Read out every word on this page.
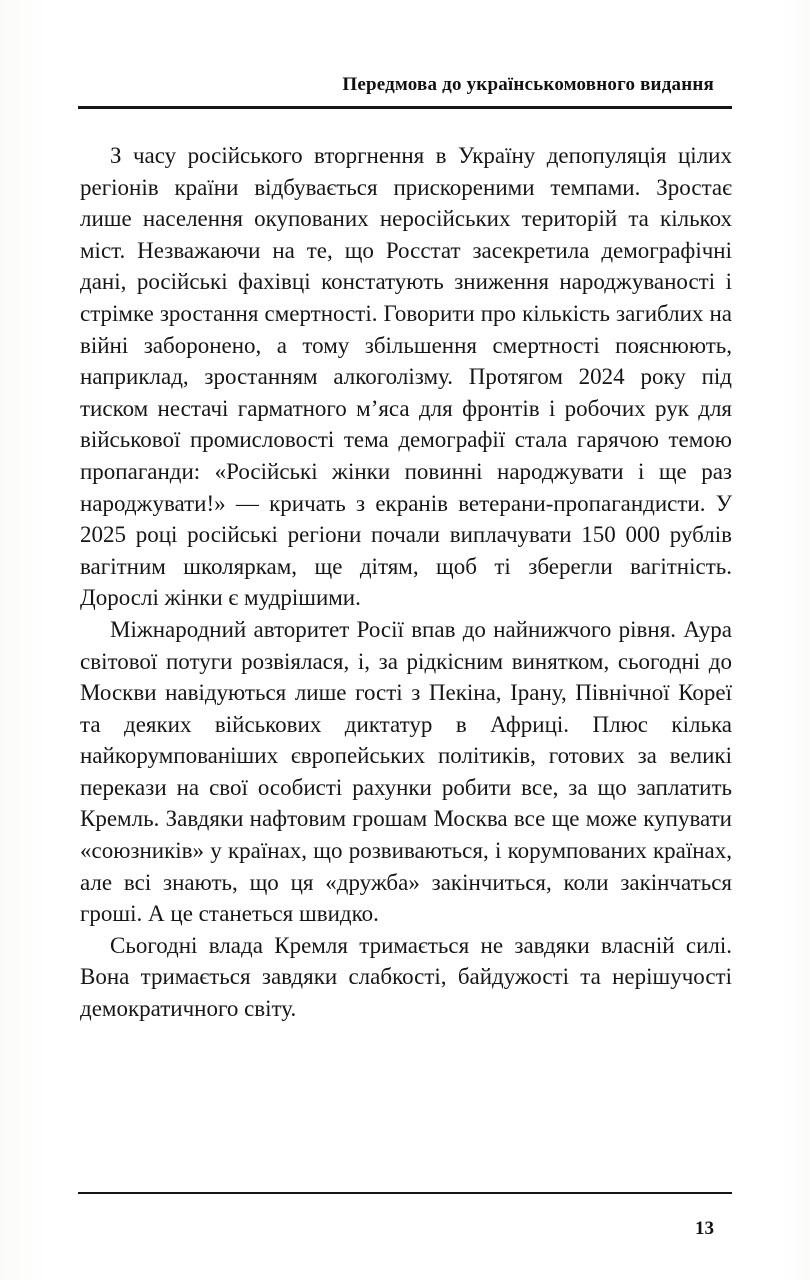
Передмова до українськомовного видання

З часу російського вторгнення в Україну депопуляція цілих регіонів країни відбувається прискореними темпами. Зростає лише населення окупованих неросійських територій та кількох міст. Незважаючи на те, що Росстат засекретила демографічні дані, російські фахівці констатують зниження народжуваності і стрімке зростання смертності. Говорити про кількість загиблих на війні заборонено, а тому збільшення смертності пояснюють, наприклад, зростанням алкоголізму. Протягом 2024 року під тиском нестачі гарматного м’яса для фронтів і робочих рук для військової промисловості тема демографії стала гарячою темою пропаганди: «Російські жінки повинні народжувати і ще раз народжувати!» — кричать з екранів ветерани-пропагандисти. У 2025 році російські регіони почали виплачувати 150 000 рублів вагітним школяркам, ще дітям, щоб ті зберегли вагітність. Дорослі жінки є мудрішими.

Міжнародний авторитет Росії впав до найнижчого рівня. Аура світової потуги розвіялася, і, за рідкісним винятком, сьогодні до Москви навідуються лише гості з Пекіна, Ірану, Північної Кореї та деяких військових диктатур в Африці. Плюс кілька найкорумпованіших європейських політиків, готових за великі перекази на свої особисті рахунки робити все, за що заплатить Кремль. Завдяки нафтовим грошам Москва все ще може купувати «союзників» у країнах, що розвиваються, і корумпованих країнах, але всі знають, що ця «дружба» закінчиться, коли закінчаться гроші. А це станеться швидко.

Сьогодні влада Кремля тримається не завдяки власній силі. Вона тримається завдяки слабкості, байдужості та нерішучості демократичного світу.

13
